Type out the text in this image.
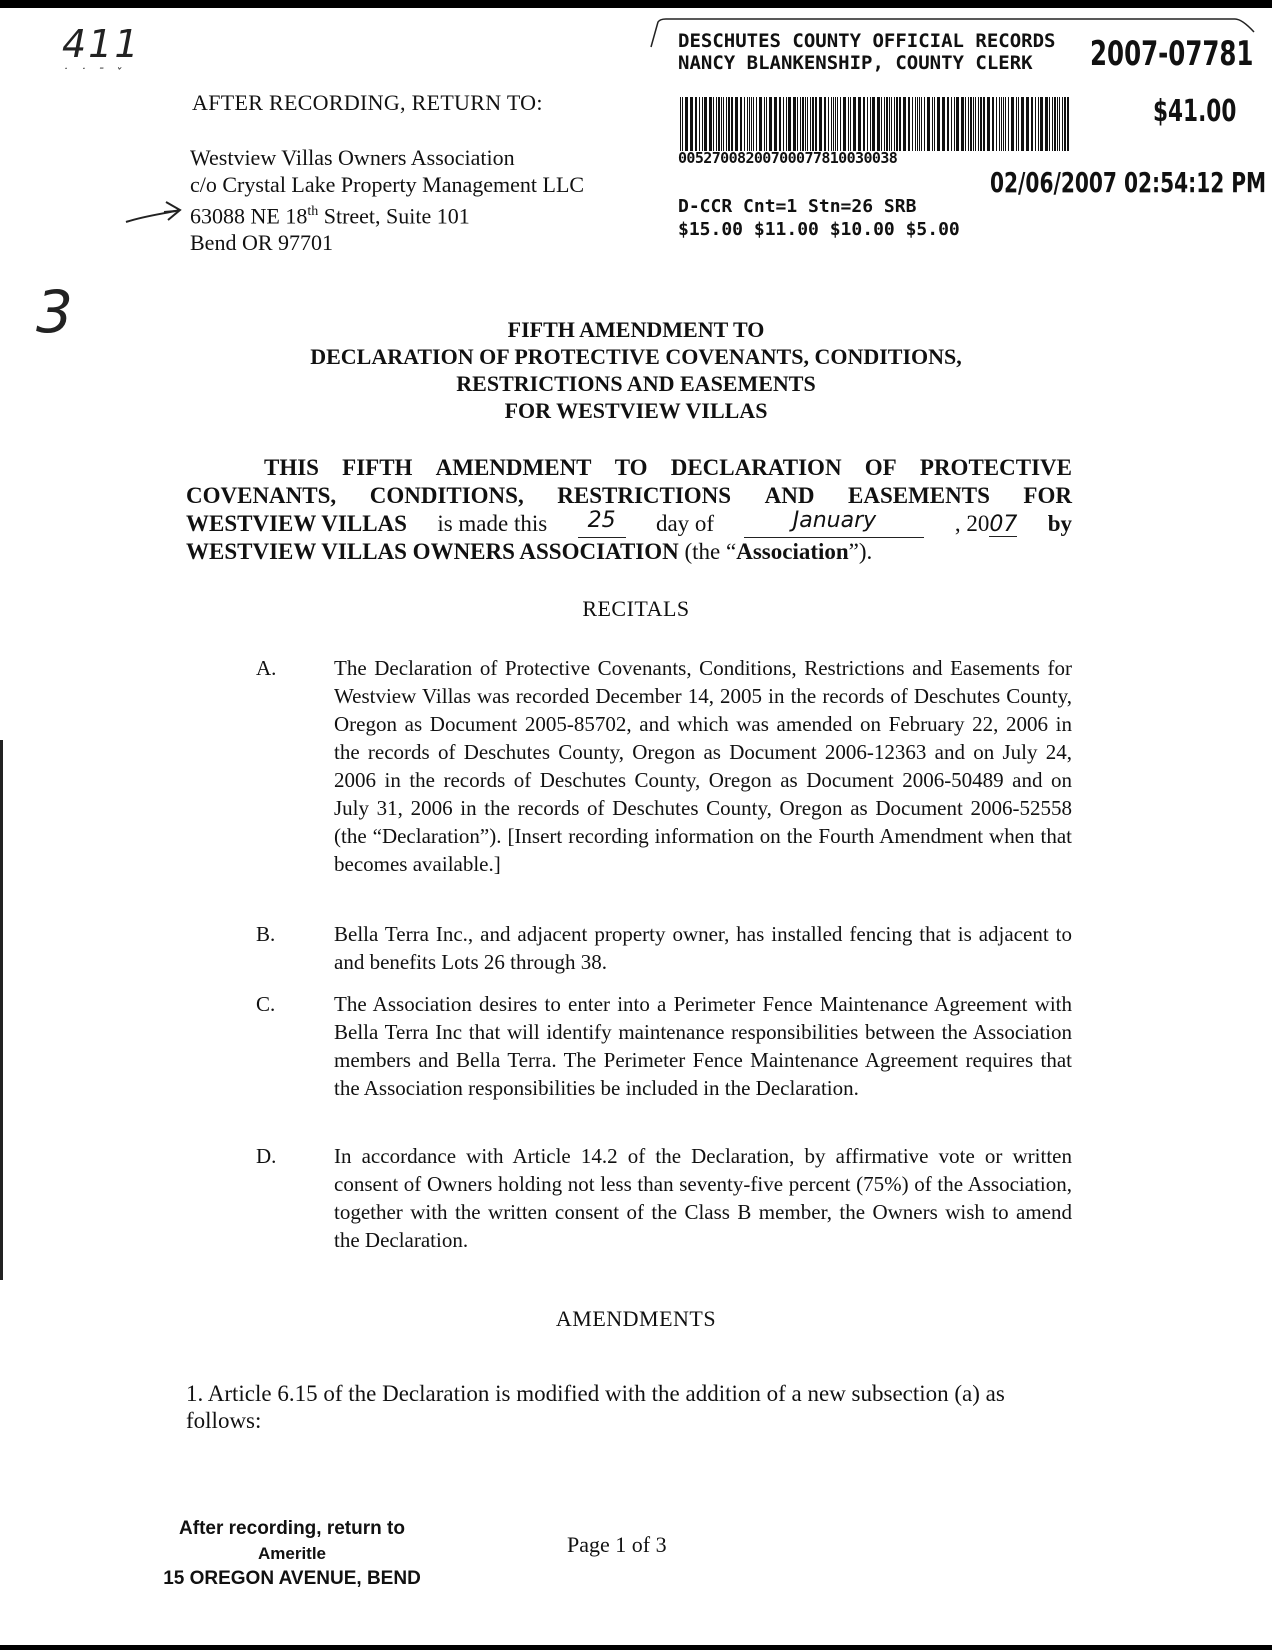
411
˙ ˙ ˉ ˇ
3
AFTER RECORDING, RETURN TO:
Westview Villas Owners Association
c/o Crystal Lake Property Management LLC
63088 NE 18th Street, Suite 101
Bend OR 97701
DESCHUTES COUNTY OFFICIAL RECORDS
NANCY BLANKENSHIP, COUNTY CLERK 2007-07781
$41.00
00527008200700077810030038
02/06/2007 02:54:12 PM
D-CCR Cnt=1 Stn=26 SRB
$15.00 $11.00 $10.00 $5.00
FIFTH AMENDMENT TO
DECLARATION OF PROTECTIVE COVENANTS, CONDITIONS,
RESTRICTIONS AND EASEMENTS
FOR WESTVIEW VILLAS
THIS FIFTH AMENDMENT TO DECLARATION OF PROTECTIVE
COVENANTS, CONDITIONS, RESTRICTIONS AND EASEMENTS FOR
WESTVIEW VILLAS is made this	25	day of	January	, 2007 by
WESTVIEW VILLAS OWNERS ASSOCIATION
(the “ Association ”).
RECITALS
A.	The Declaration of Protective Covenants, Conditions, Restrictions and Easements for Westview Villas was recorded December 14, 2005 in the records of Deschutes County, Oregon as Document 2005-85702, and which was amended on February 22, 2006 in the records of Deschutes County, Oregon as Document 2006-12363 and on July 24, 2006 in the records of Deschutes County, Oregon as Document 2006-50489 and on July 31, 2006 in the records of Deschutes County, Oregon as Document 2006-52558 (the “Declaration”). [Insert recording information on the Fourth Amendment when that becomes available.]
B.	Bella Terra Inc., and adjacent property owner, has installed fencing that is adjacent to and benefits Lots 26 through 38.
C.	The Association desires to enter into a Perimeter Fence Maintenance Agreement with Bella Terra Inc that will identify maintenance responsibilities between the Association members and Bella Terra. The Perimeter Fence Maintenance Agreement requires that the Association responsibilities be included in the Declaration.
D.	In accordance with Article 14.2 of the Declaration, by affirmative vote or written consent of Owners holding not less than seventy-five percent (75%) of the Association, together with the written consent of the Class B member, the Owners wish to amend the Declaration.
AMENDMENTS
1. Article 6.15 of the Declaration is modified with the addition of a new subsection (a) as follows:
After recording, return to
Ameritle
15 OREGON AVENUE, BEND
Page 1 of 3
